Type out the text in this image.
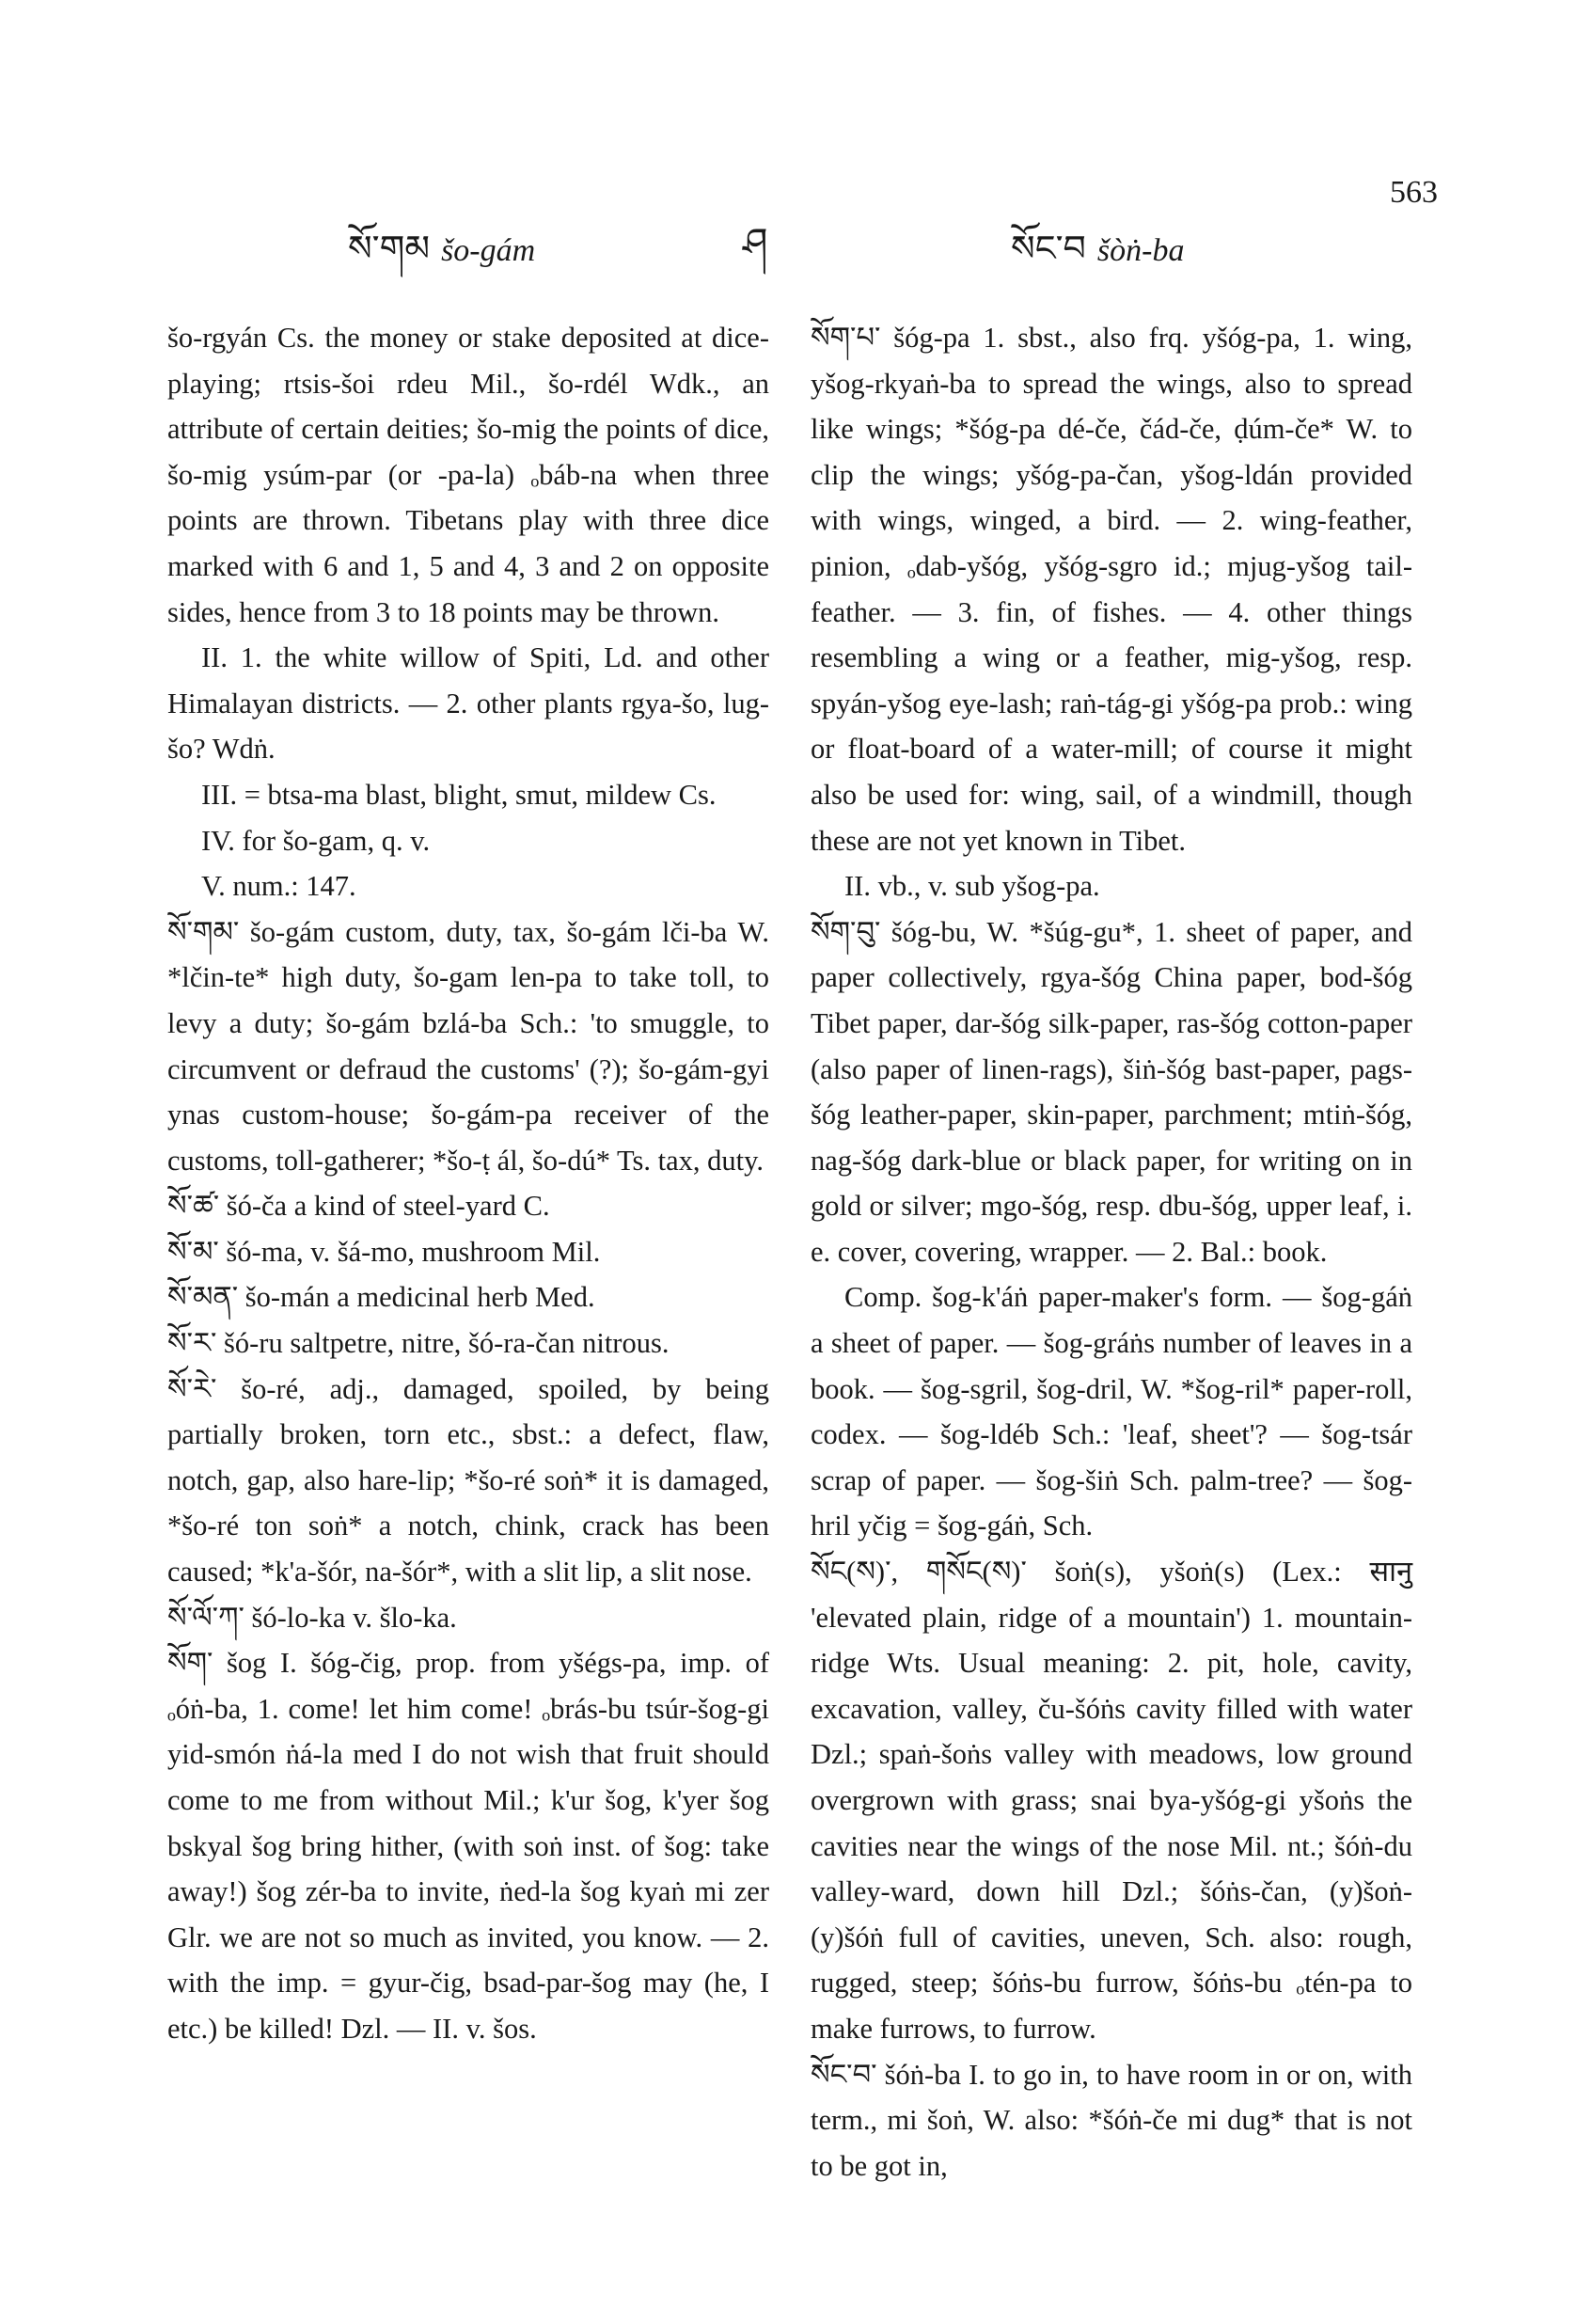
563
ཤ
སོ་གམ šo-gám	སོང་བ šòṅ-ba

šo-rgyán Cs. the money or stake deposited at dice-playing; rtsis-šoi rdeu Mil., šo-rdél Wdk., an attribute of certain deities; šo-mig the points of dice, šo-mig ysúm-par (or -pa-la) ₒbáb-na when three points are thrown. Tibetans play with three dice marked with 6 and 1, 5 and 4, 3 and 2 on opposite sides, hence from 3 to 18 points may be thrown.

II. 1. the white willow of Spiti, Ld. and other Himalayan districts. — 2. other plants rgya-šo, lug-šo? Wdṅ.

III. = btsa-ma blast, blight, smut, mildew Cs.

IV. for šo-gam, q. v.

V. num.: 147.

སོ་གམ་ šo-gám custom, duty, tax, šo-gám lči-ba W. *lčin-te* high duty, šo-gam len-pa to take toll, to levy a duty; šo-gám bzlá-ba Sch.: 'to smuggle, to circumvent or defraud the customs' (?); šo-gám-gyi ynas custom-house; šo-gám-pa receiver of the customs, toll-gatherer; *šo-ṭ ál, šo-dú* Ts. tax, duty.

སོ་ཚ་ šó-ča a kind of steel-yard C.

སོ་མ་ šó-ma, v. šá-mo, mushroom Mil.

སོ་མན་ šo-mán a medicinal herb Med.

སོ་ར་ šó-ru saltpetre, nitre, šó-ra-čan nitrous.

སོ་རེ་ šo-ré, adj., damaged, spoiled, by being partially broken, torn etc., sbst.: a defect, flaw, notch, gap, also hare-lip; *šo-ré soṅ* it is damaged, *šo-ré ton soṅ* a notch, chink, crack has been caused; *k'a-šór, na-šór*, with a slit lip, a slit nose.

སོ་ལོ་ཀ་ šó-lo-ka v. šlo-ka.

སོག་ šog I. šóg-čig, prop. from yšégs-pa, imp. of ₒóṅ-ba, 1. come! let him come! ₒbrás-bu tsúr-šog-gi yid-smón ṅá-la med I do not wish that fruit should come to me from without Mil.; k'ur šog, k'yer šog bskyal šog bring hither, (with soṅ inst. of šog: take away!) šog zér-ba to invite, ṅed-la šog kyaṅ mi zer Glr. we are not so much as invited, you know. — 2. with the imp. = gyur-čig, bsad-par-šog may (he, I etc.) be killed! Dzl. — II. v. šos.

སོག་པ་ šóg-pa 1. sbst., also frq. yšóg-pa, 1. wing, yšog-rkyaṅ-ba to spread the wings, also to spread like wings; *šóg-pa dé-če, čád-če, ḍúm-če* W. to clip the wings; yšóg-pa-čan, yšog-ldán provided with wings, winged, a bird. — 2. wing-feather, pinion, ₒdab-yšóg, yšóg-sgro id.; mjug-yšog tail-feather. — 3. fin, of fishes. — 4. other things resembling a wing or a feather, mig-yšog, resp. spyán-yšog eye-lash; raṅ-tág-gi yšóg-pa prob.: wing or float-board of a water-mill; of course it might also be used for: wing, sail, of a windmill, though these are not yet known in Tibet.

II. vb., v. sub yšog-pa.

སོག་བུ་ šóg-bu, W. *šúg-gu*, 1. sheet of paper, and paper collectively, rgya-šóg China paper, bod-šóg Tibet paper, dar-šóg silk-paper, ras-šóg cotton-paper (also paper of linen-rags), šiṅ-šóg bast-paper, pags-šóg leather-paper, skin-paper, parchment; mtiṅ-šóg, nag-šóg dark-blue or black paper, for writing on in gold or silver; mgo-šóg, resp. dbu-šóg, upper leaf, i. e. cover, covering, wrapper. — 2. Bal.: book.

Comp. šog-k'áṅ paper-maker's form. — šog-gáṅ a sheet of paper. — šog-gráṅs number of leaves in a book. — šog-sgril, šog-dril, W. *šog-ril* paper-roll, codex. — šog-ldéb Sch.: 'leaf, sheet'? — šog-tsár scrap of paper. — šog-šiṅ Sch. palm-tree? — šog-hril yčig = šog-gáṅ, Sch.

སོང(ས)་, གསོང(ས)་ šoṅ(s), yšoṅ(s) (Lex.: सानु 'elevated plain, ridge of a mountain') 1. mountain-ridge Wts. Usual meaning: 2. pit, hole, cavity, excavation, valley, ču-šóṅs cavity filled with water Dzl.; spaṅ-šoṅs valley with meadows, low ground overgrown with grass; snai bya-yšóg-gi yšoṅs the cavities near the wings of the nose Mil. nt.; šóṅ-du valley-ward, down hill Dzl.; šóṅs-čan, (y)šoṅ-(y)šóṅ full of cavities, uneven, Sch. also: rough, rugged, steep; šóṅs-bu furrow, šóṅs-bu ₒtén-pa to make furrows, to furrow.

སོང་བ་ šóṅ-ba I. to go in, to have room in or on, with term., mi šoṅ, W. also: *šóṅ-če mi dug* that is not to be got in,
